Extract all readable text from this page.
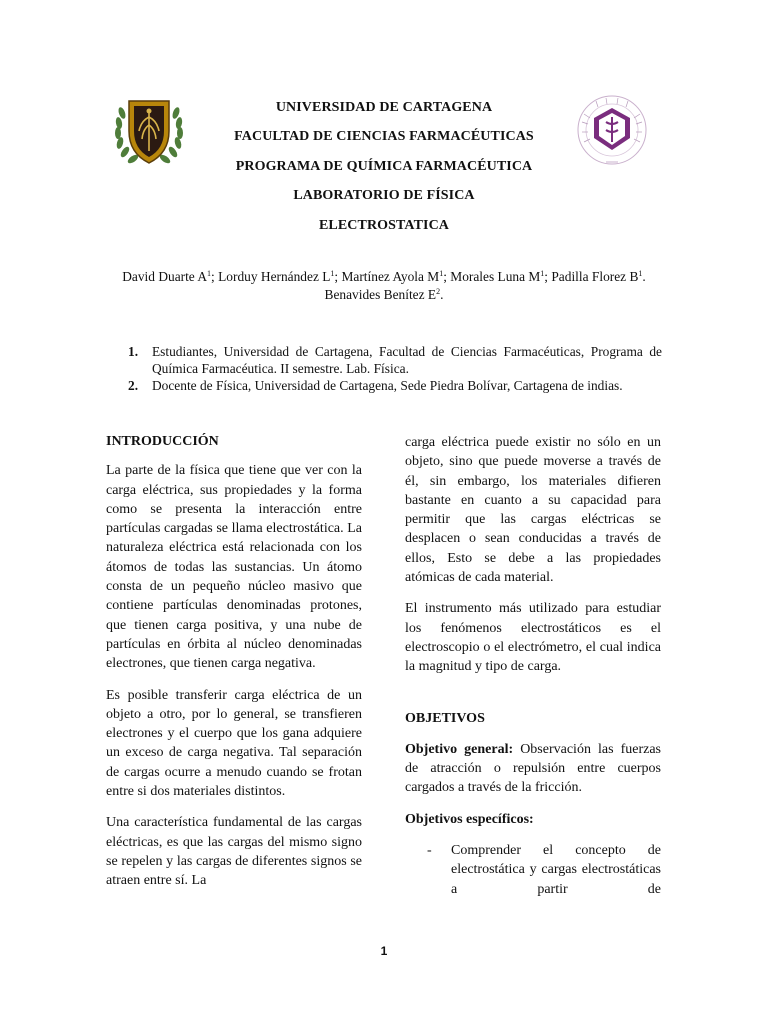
UNIVERSIDAD DE CARTAGENA
FACULTAD DE CIENCIAS FARMACÉUTICAS
PROGRAMA DE QUÍMICA FARMACÉUTICA
LABORATORIO DE FÍSICA
ELECTROSTATICA
David Duarte $A^1$; Lorduy Hernández $L^1$; Martínez Ayola $M^1$; Morales Luna $M^1$; Padilla Florez $B^1$.
Benavides Benítez $E^2$.
1. Estudiantes, Universidad de Cartagena, Facultad de Ciencias Farmacéuticas, Programa de Química Farmacéutica. II semestre. Lab. Física.
2. Docente de Física, Universidad de Cartagena, Sede Piedra Bolívar, Cartagena de indias.
INTRODUCCIÓN

La parte de la física que tiene que ver con la carga eléctrica, sus propiedades y la forma como se presenta la interacción entre partículas cargadas se llama electrostática. La naturaleza eléctrica está relacionada con los átomos de todas las sustancias. Un átomo consta de un pequeño núcleo masivo que contiene partículas denominadas protones, que tienen carga positiva, y una nube de partículas en órbita al núcleo denominadas electrones, que tienen carga negativa.

Es posible transferir carga eléctrica de un objeto a otro, por lo general, se transfieren electrones y el cuerpo que los gana adquiere un exceso de carga negativa. Tal separación de cargas ocurre a menudo cuando se frotan entre si dos materiales distintos.

Una característica fundamental de las cargas eléctricas, es que las cargas del mismo signo se repelen y las cargas de diferentes signos se atraen entre sí. La

carga eléctrica puede existir no sólo en un objeto, sino que puede moverse a través de él, sin embargo, los materiales difieren bastante en cuanto a su capacidad para permitir que las cargas eléctricas se desplacen o sean conducidas a través de ellos, Esto se debe a las propiedades atómicas de cada material.

El instrumento más utilizado para estudiar los fenómenos electrostáticos es el electroscopio o el electrómetro, el cual indica la magnitud y tipo de carga.

OBJETIVOS

Objetivo general: Observación las fuerzas de atracción o repulsión entre cuerpos cargados a través de la fricción.

Objetivos específicos:
- Comprender el concepto de electrostática y cargas electrostáticas a partir de
1
